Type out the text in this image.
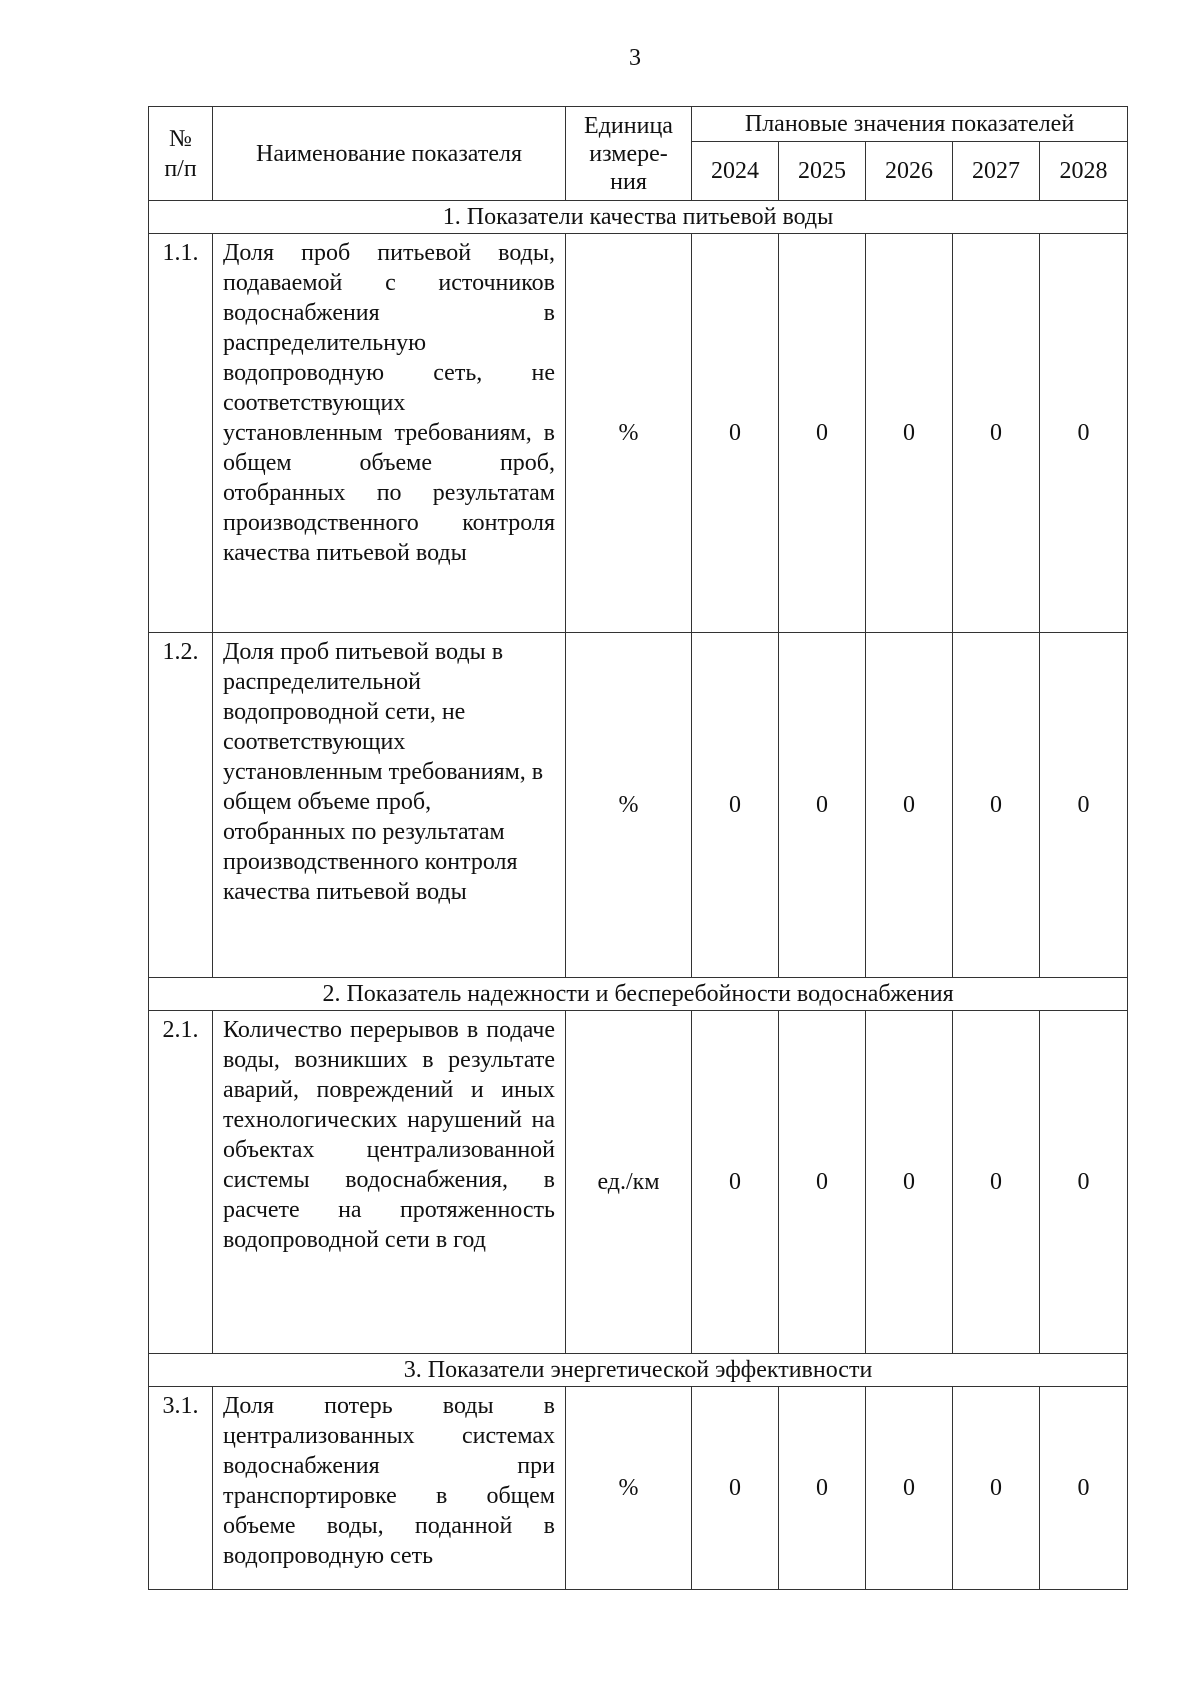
3
№
п/п	Наименование показателя	Единица
измере-
ния	Плановые значения показателей				
			2024	2025	2026	2027	2028
1. Показатели качества питьевой воды							
1.1.	Доля проб питьевой воды, подаваемой с источников водоснабжения в распределительную водопроводную сеть, не соответствующих установленным требованиям, в общем объеме проб, отобранных по результатам производственного контроля качества питьевой воды	%	0	0	0	0	0
1.2.	Доля проб питьевой воды в распределительной водопроводной сети, не соответствующих установленным требованиям, в общем объеме проб, отобранных по результатам производственного контроля качества питьевой воды	%	0	0	0	0	0
2. Показатель надежности и бесперебойности водоснабжения							
2.1.	Количество перерывов в подаче воды, возникших в результате аварий, повреждений и иных технологических нарушений на объектах централизованной системы водоснабжения, в расчете на протяженность водопроводной сети в год	ед./км	0	0	0	0	0
3. Показатели энергетической эффективности							
3.1.	Доля потерь воды в централизованных системах водоснабжения при транспортировке в общем объеме воды, поданной в водопроводную сеть	%	0	0	0	0	0
